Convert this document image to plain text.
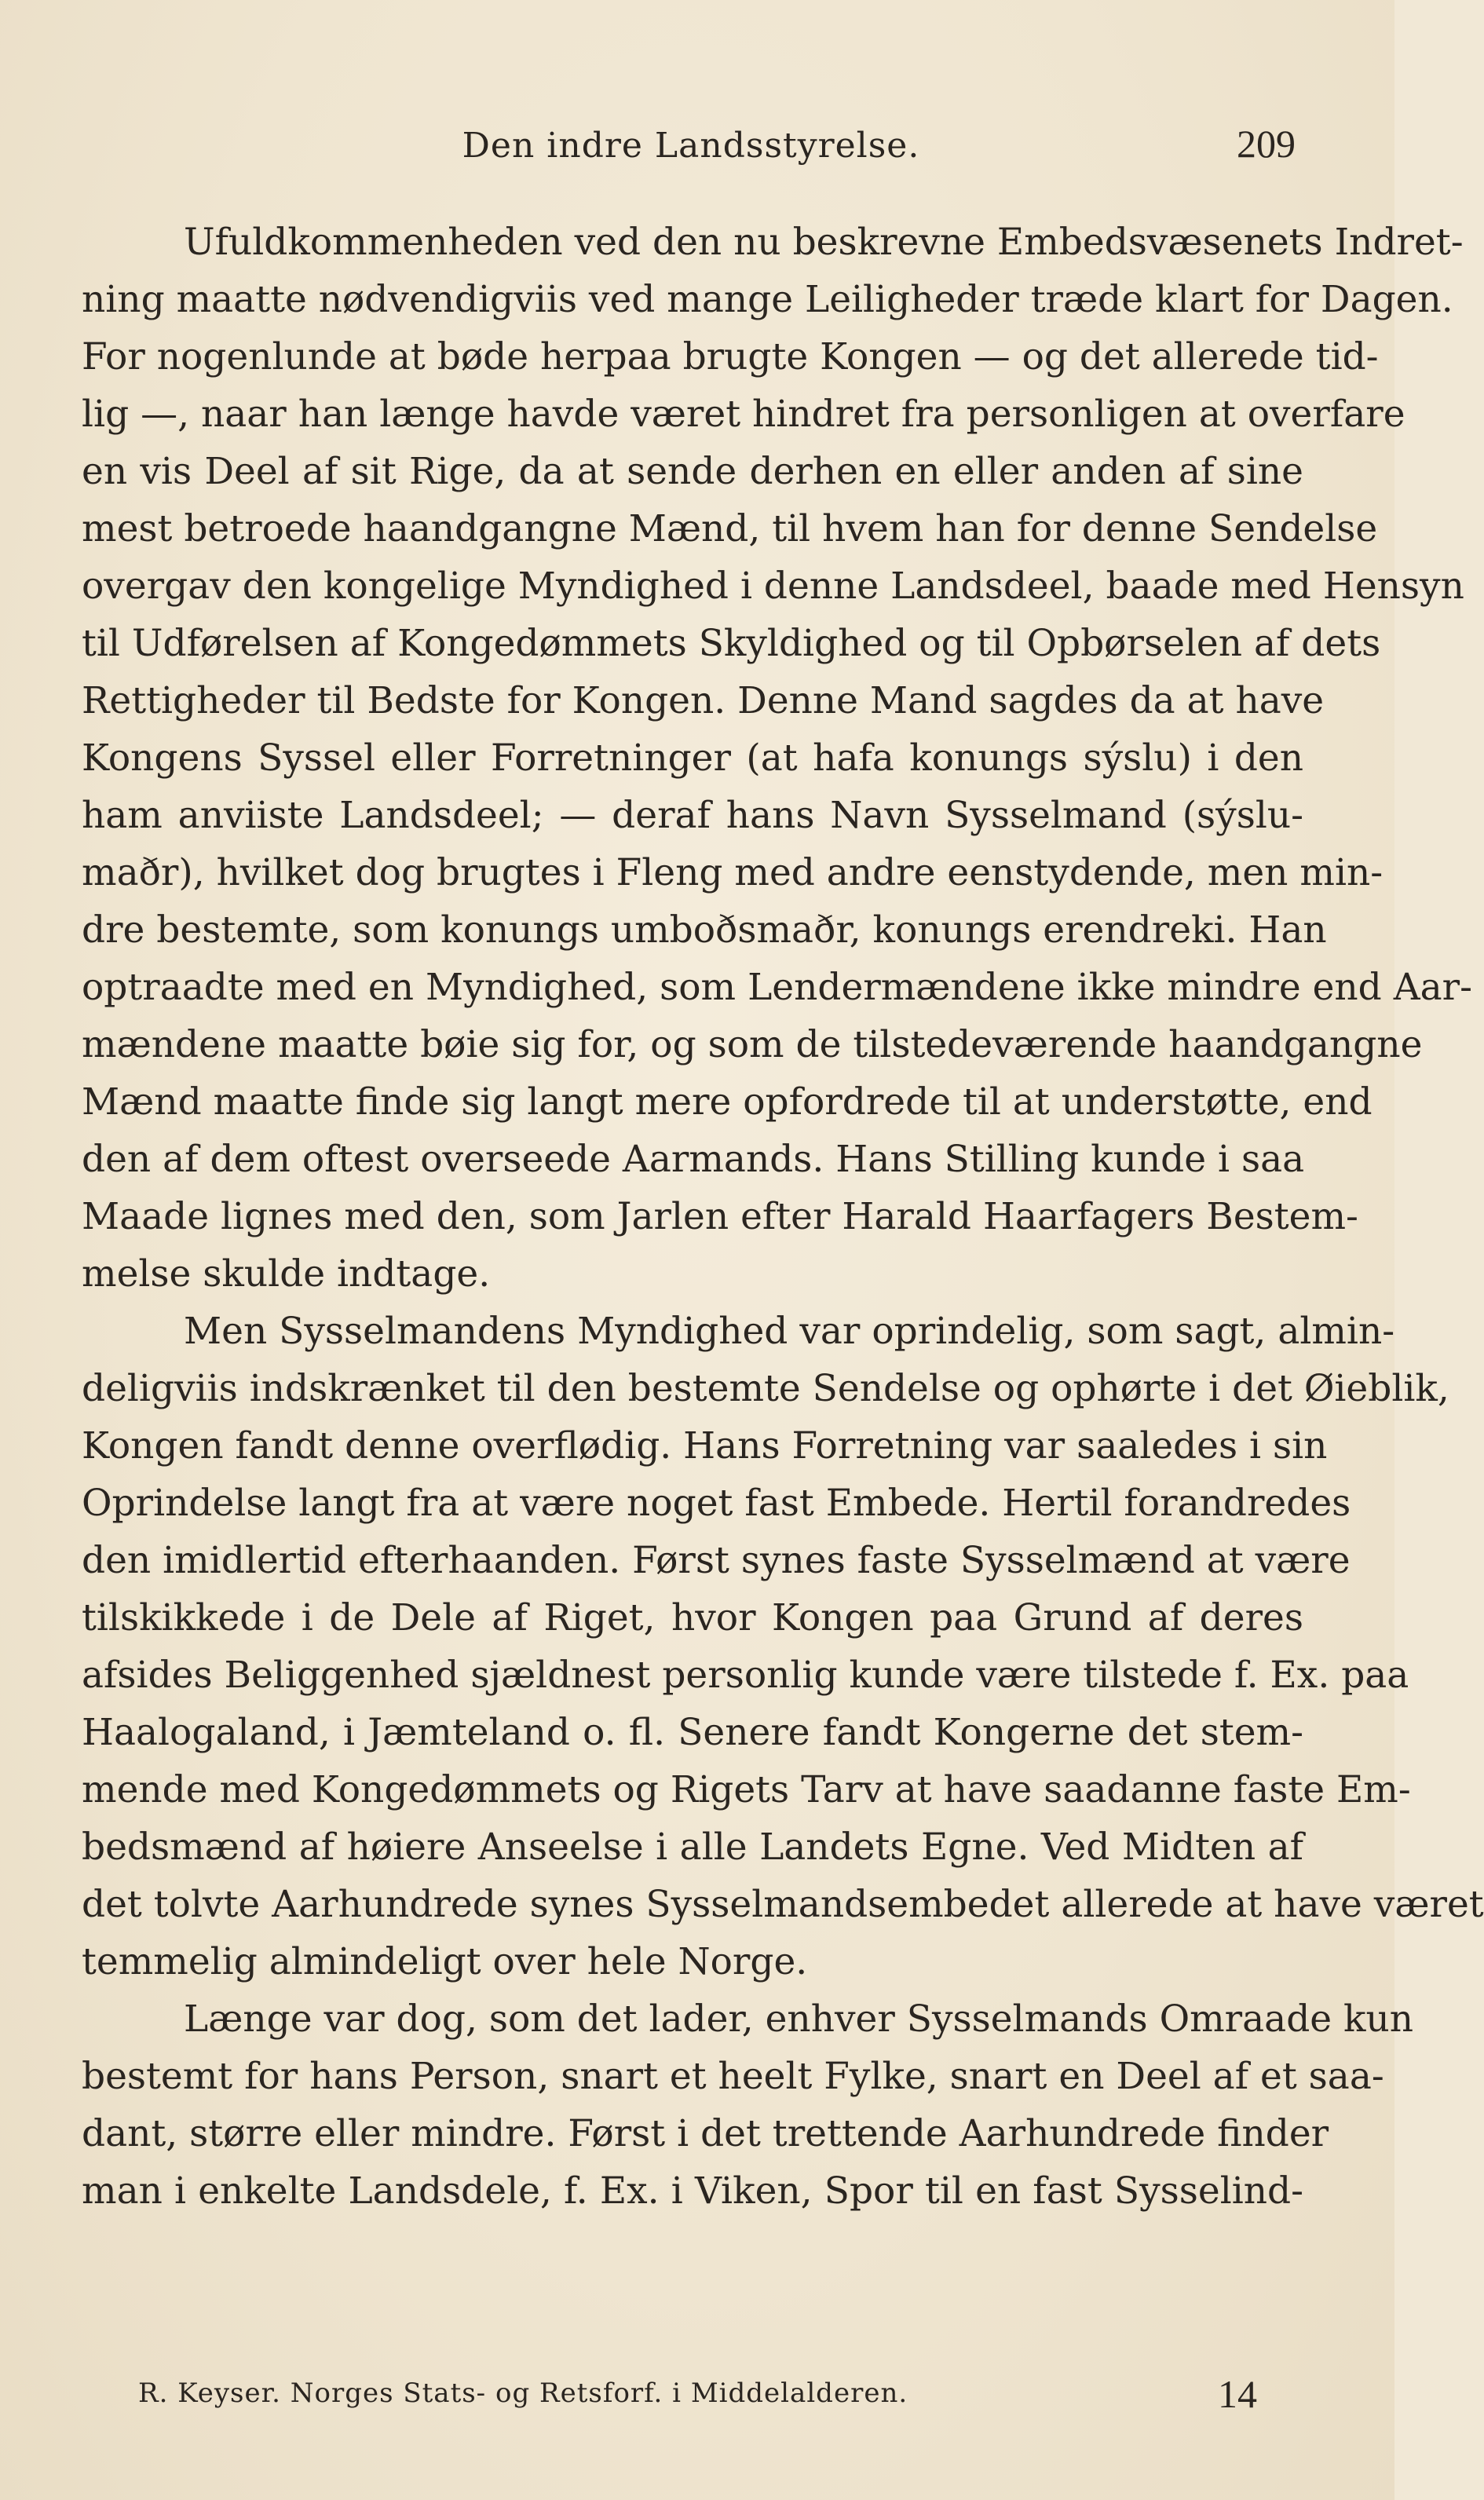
Den indre Landsstyrelse.	209
Ufuldkommenheden ved den nu beskrevne Embedsvæsenets Indret-
ning maatte nødvendigviis ved mange Leiligheder træde klart for Dagen.
For nogenlunde at bøde herpaa brugte Kongen — og det allerede tid-
lig —, naar han længe havde været hindret fra personligen at overfare
en vis Deel af sit Rige, da at sende derhen en eller anden af sine
mest betroede haandgangne Mænd, til hvem han for denne Sendelse
overgav den kongelige Myndighed i denne Landsdeel, baade med Hensyn
til Udførelsen af Kongedømmets Skyldighed og til Opbørselen af dets
Rettigheder til Bedste for Kongen. Denne Mand sagdes da at have
Kongens Syssel eller Forretninger (at hafa konungs sýslu) i den
ham anviiste Landsdeel; — deraf hans Navn Sysselmand (sýslu-
maðr), hvilket dog brugtes i Fleng med andre eenstydende, men min-
dre bestemte, som konungs umboðsmaðr, konungs erendreki. Han
optraadte med en Myndighed, som Lendermændene ikke mindre end Aar-
mændene maatte bøie sig for, og som de tilstedeværende haandgangne
Mænd maatte finde sig langt mere opfordrede til at understøtte, end
den af dem oftest overseede Aarmands. Hans Stilling kunde i saa
Maade lignes med den, som Jarlen efter Harald Haarfagers Bestem-
melse skulde indtage.
Men Sysselmandens Myndighed var oprindelig, som sagt, almin-
deligviis indskrænket til den bestemte Sendelse og ophørte i det Øieblik,
Kongen fandt denne overflødig. Hans Forretning var saaledes i sin
Oprindelse langt fra at være noget fast Embede. Hertil forandredes
den imidlertid efterhaanden. Først synes faste Sysselmænd at være
tilskikkede i de Dele af Riget, hvor Kongen paa Grund af deres
afsides Beliggenhed sjældnest personlig kunde være tilstede f. Ex. paa
Haalogaland, i Jæmteland o. fl. Senere fandt Kongerne det stem-
mende med Kongedømmets og Rigets Tarv at have saadanne faste Em-
bedsmænd af høiere Anseelse i alle Landets Egne. Ved Midten af
det tolvte Aarhundrede synes Sysselmandsembedet allerede at have været
temmelig almindeligt over hele Norge.
Længe var dog, som det lader, enhver Sysselmands Omraade kun
bestemt for hans Person, snart et heelt Fylke, snart en Deel af et saa-
dant, større eller mindre. Først i det trettende Aarhundrede finder
man i enkelte Landsdele, f. Ex. i Viken, Spor til en fast Sysselind-
R. Keyser. Norges Stats- og Retsforf. i Middelalderen.	14
